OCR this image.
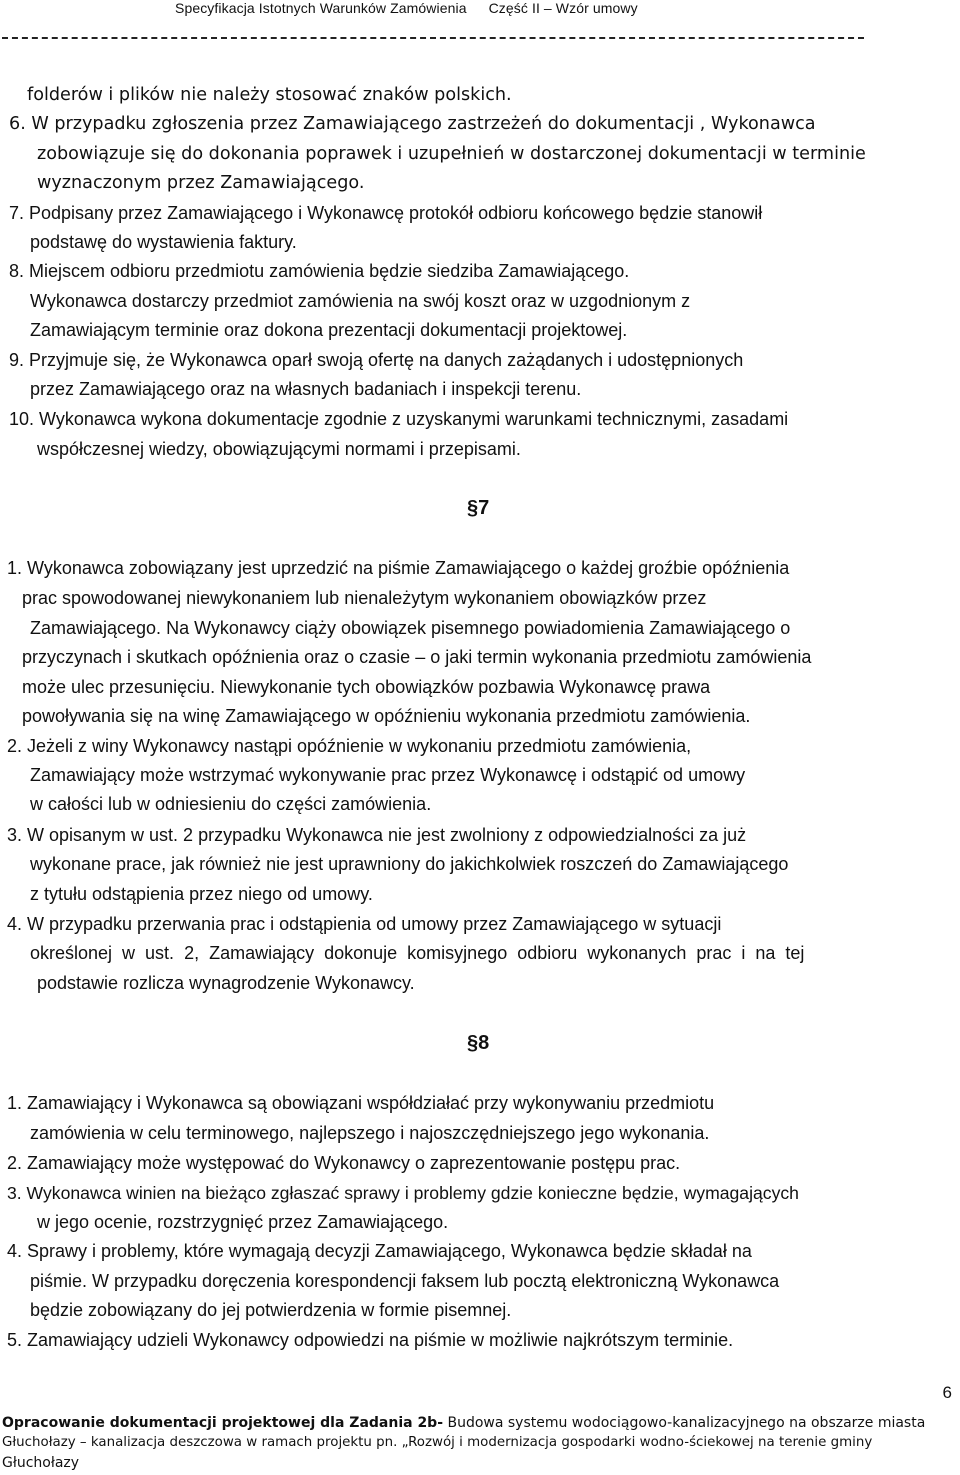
Specyfikacja Istotnych Warunków Zamówienia Część II – Wzór umowy
folderów i plików nie należy stosować znaków polskich.
6. W przypadku zgłoszenia przez Zamawiającego zastrzeżeń do dokumentacji , Wykonawca
zobowiązuje się do dokonania poprawek i uzupełnień w dostarczonej dokumentacji w terminie
wyznaczonym przez Zamawiającego.
7. Podpisany przez Zamawiającego i Wykonawcę protokół odbioru końcowego będzie stanowił
podstawę do wystawienia faktury.
8. Miejscem odbioru przedmiotu zamówienia będzie siedziba Zamawiającego.
Wykonawca dostarczy przedmiot zamówienia na swój koszt oraz w uzgodnionym z
Zamawiającym terminie oraz dokona prezentacji dokumentacji projektowej.
9. Przyjmuje się, że Wykonawca oparł swoją ofertę na danych zażądanych i udostępnionych
przez Zamawiającego oraz na własnych badaniach i inspekcji terenu.
10. Wykonawca wykona dokumentacje zgodnie z uzyskanymi warunkami technicznymi, zasadami
współczesnej wiedzy, obowiązującymi normami i przepisami.
§7
1. Wykonawca zobowiązany jest uprzedzić na piśmie Zamawiającego o każdej groźbie opóźnienia
prac spowodowanej niewykonaniem lub nienależytym wykonaniem obowiązków przez
Zamawiającego. Na Wykonawcy ciąży obowiązek pisemnego powiadomienia Zamawiającego o
przyczynach i skutkach opóźnienia oraz o czasie – o jaki termin wykonania przedmiotu zamówienia
może ulec przesunięciu. Niewykonanie tych obowiązków pozbawia Wykonawcę prawa
powoływania się na winę Zamawiającego w opóźnieniu wykonania przedmiotu zamówienia.
2. Jeżeli z winy Wykonawcy nastąpi opóźnienie w wykonaniu przedmiotu zamówienia,
Zamawiający może wstrzymać wykonywanie prac przez Wykonawcę i odstąpić od umowy
w całości lub w odniesieniu do części zamówienia.
3. W opisanym w ust. 2 przypadku Wykonawca nie jest zwolniony z odpowiedzialności za już
wykonane prace, jak również nie jest uprawniony do jakichkolwiek roszczeń do Zamawiającego
z tytułu odstąpienia przez niego od umowy.
4. W przypadku przerwania prac i odstąpienia od umowy przez Zamawiającego w sytuacji
określonej  w  ust.  2,  Zamawiający  dokonuje  komisyjnego  odbioru  wykonanych  prac  i  na  tej
podstawie rozlicza wynagrodzenie Wykonawcy.
§8
1. Zamawiający i Wykonawca są obowiązani współdziałać przy wykonywaniu przedmiotu
zamówienia w celu terminowego, najlepszego i najoszczędniejszego jego wykonania.
2. Zamawiający może występować do Wykonawcy o zaprezentowanie postępu prac.
3. Wykonawca winien na bieżąco zgłaszać sprawy i problemy gdzie konieczne będzie, wymagających
w jego ocenie, rozstrzygnięć przez Zamawiającego.
4. Sprawy i problemy, które wymagają decyzji Zamawiającego, Wykonawca będzie składał na
piśmie. W przypadku doręczenia korespondencji faksem lub pocztą elektroniczną Wykonawca
będzie zobowiązany do jej potwierdzenia w formie pisemnej.
5. Zamawiający udzieli Wykonawcy odpowiedzi na piśmie w możliwie najkrótszym terminie.
6
Opracowanie dokumentacji projektowej dla Zadania 2b- Budowa systemu wodociągowo-kanalizacyjnego na obszarze miasta
Głuchołazy – kanalizacja deszczowa w ramach projektu pn. „Rozwój i modernizacja gospodarki wodno-ściekowej na terenie gminy
Głuchołazy
